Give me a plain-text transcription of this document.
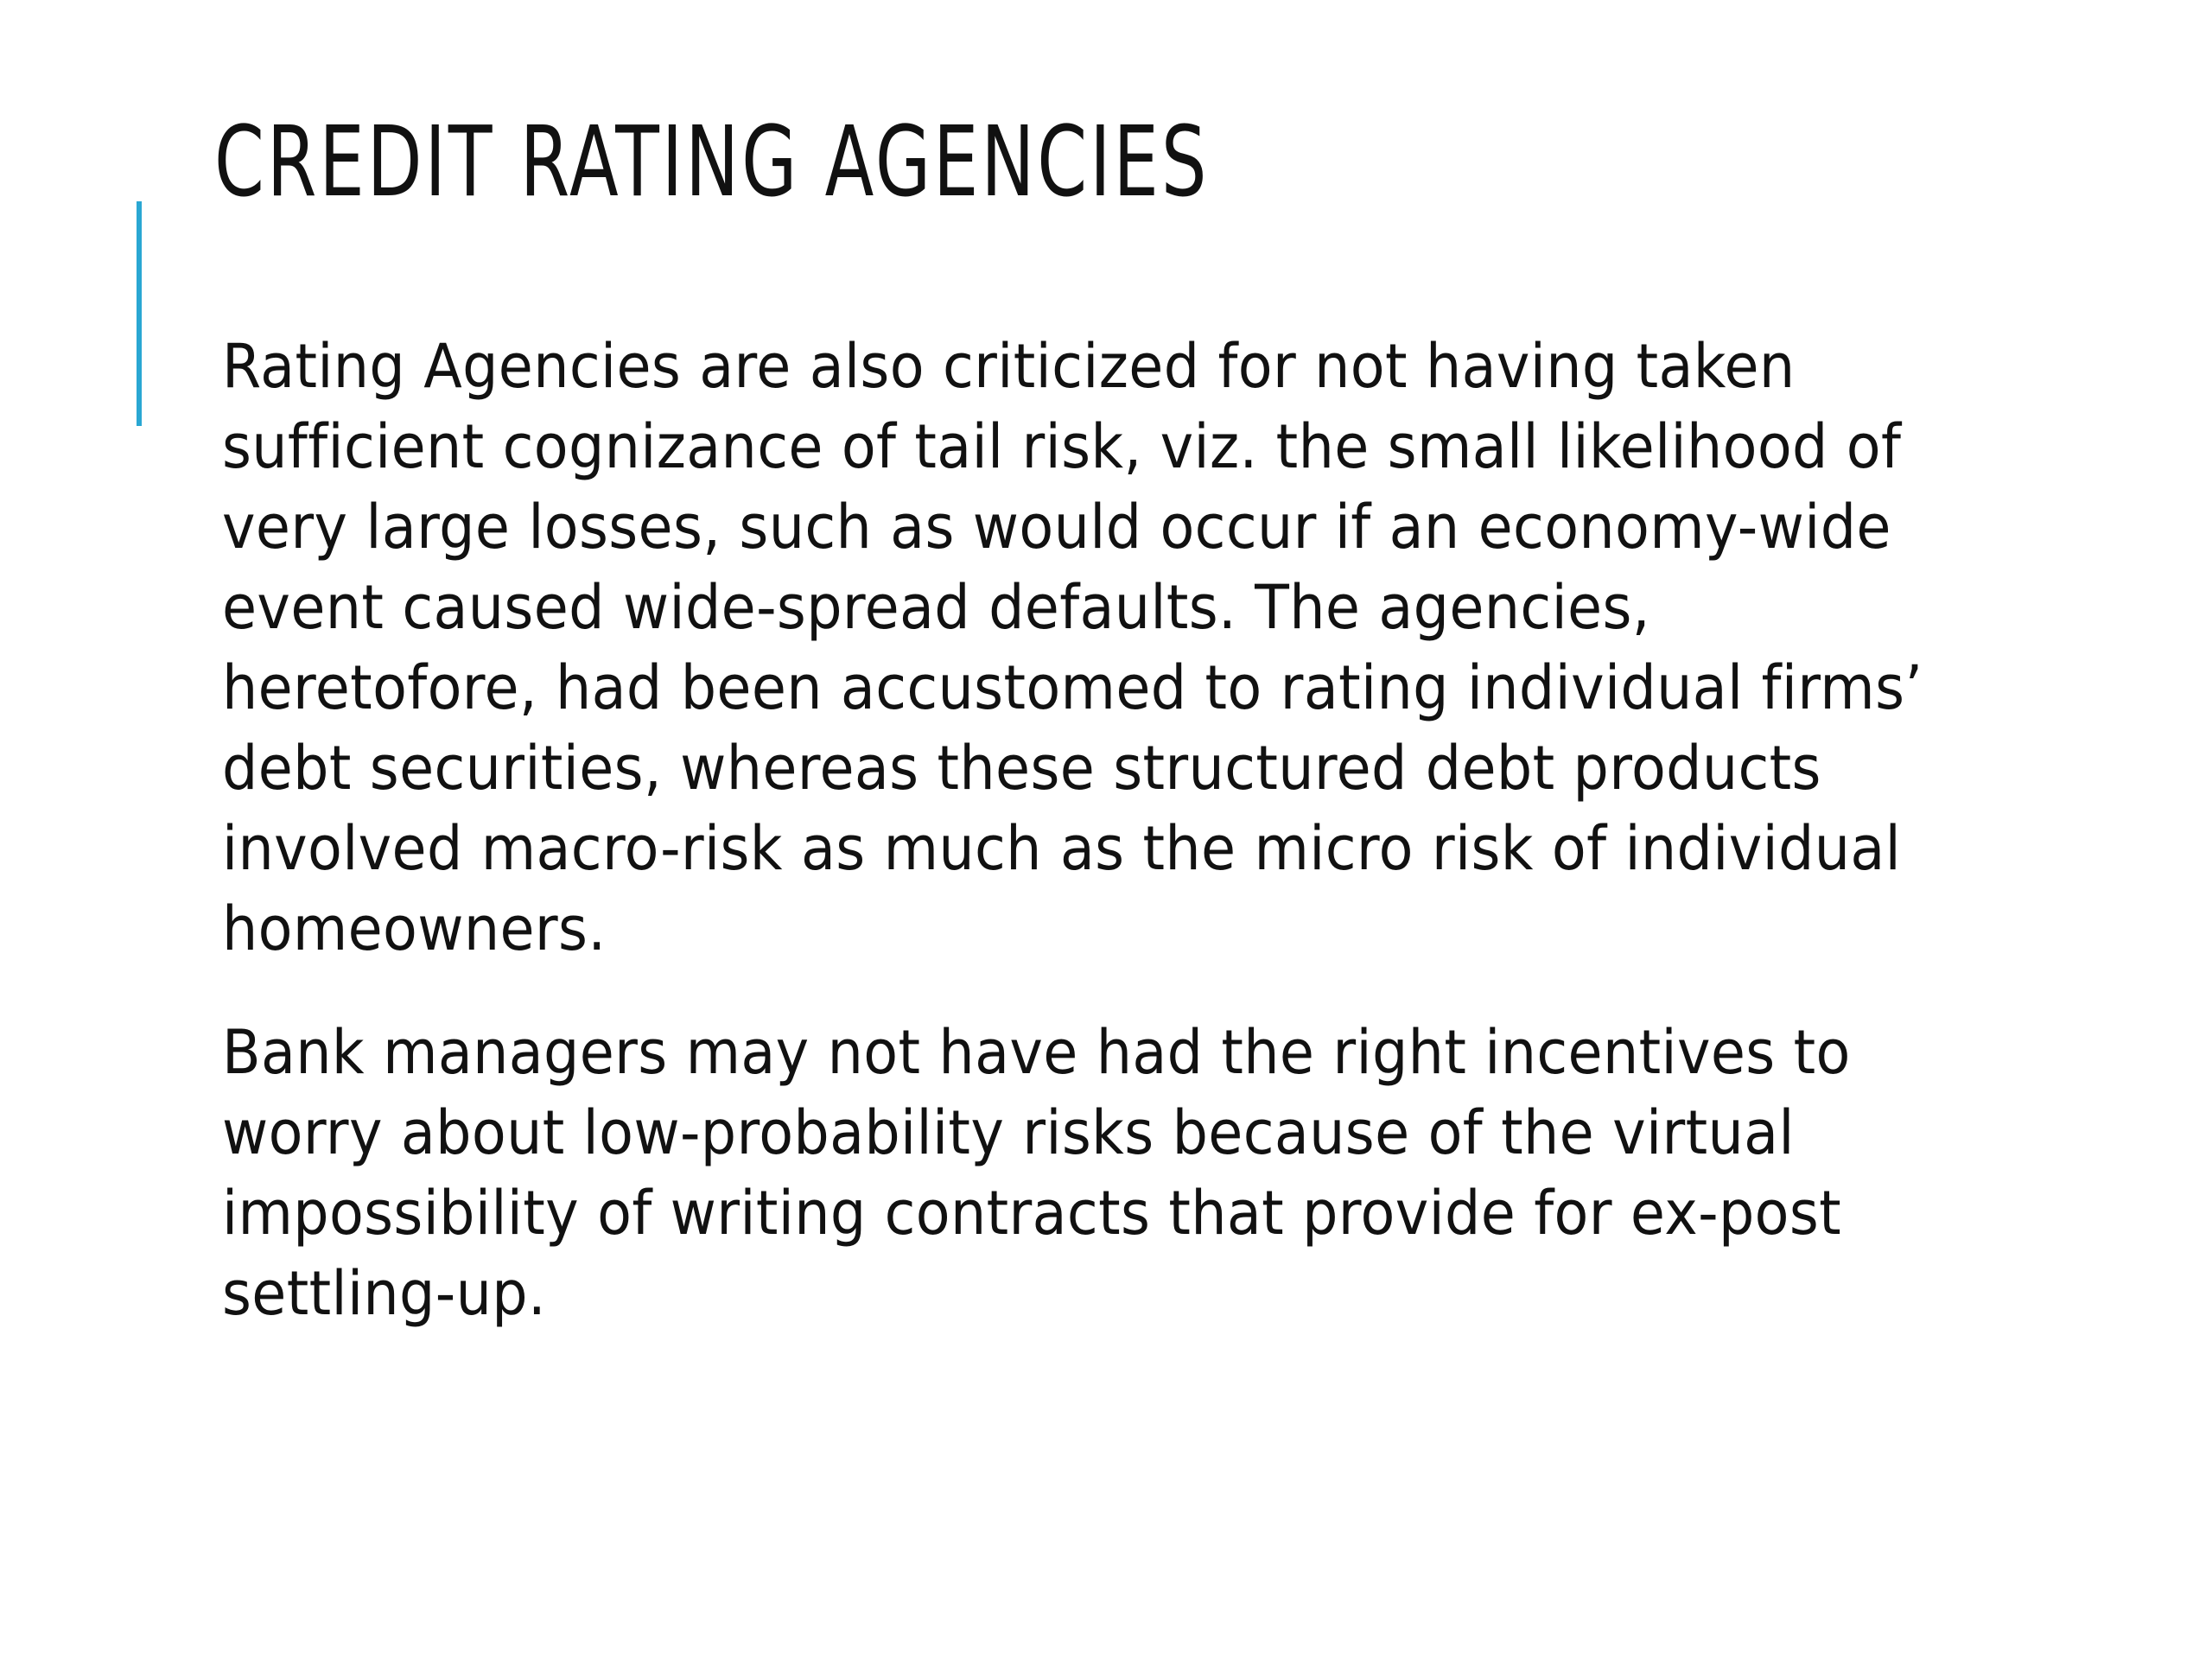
CREDIT RATING AGENCIES

Rating Agencies are also criticized for not having taken sufficient cognizance of tail risk, viz. the small likelihood of very large losses, such as would occur if an economy-wide event caused wide-spread defaults. The agencies, heretofore, had been accustomed to rating individual firms’ debt securities, whereas these structured debt products involved macro-risk as much as the micro risk of individual homeowners.

Bank managers may not have had the right incentives to worry about low-probability risks because of the virtual impossibility of writing contracts that provide for ex-post settling-up.
